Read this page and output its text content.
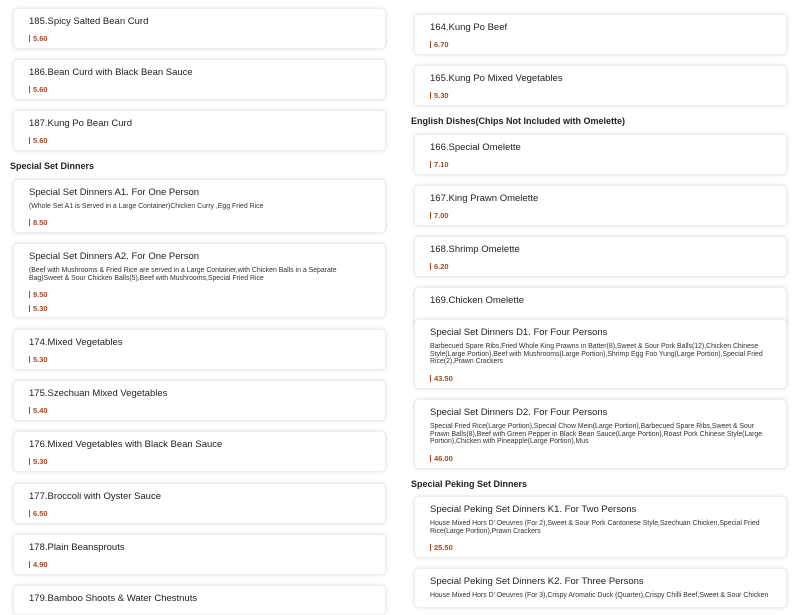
185.Spicy Salted Bean Curd
5.60
186.Bean Curd with Black Bean Sauce
5.60
187.Kung Po Bean Curd
5.60
Special Set Dinners
Special Set Dinners A1. For One Person
(Whole Set A1 is Served in a Large Container)Chicken Curry ,Egg Fried Rice
8.50
Special Set Dinners A2. For One Person
(Beef with Mushrooms & Fried Rice are served in a Large Container,with Chicken Balls in a Separate Bag)Sweet & Sour Chicken Balls(5),Beef with Mushrooms,Special Fried Rice
9.50
5.30
174.Mixed Vegetables
5.30
175.Szechuan Mixed Vegetables
5.40
176.Mixed Vegetables with Black Bean Sauce
5.30
177.Broccoli with Oyster Sauce
6.50
178.Plain Beansprouts
4.90
179.Bamboo Shoots & Water Chestnuts
164.Kung Po Beef
6.70
165.Kung Po Mixed Vegetables
5.30
English Dishes(Chips Not Included with Omelette)
166.Special Omelette
7.10
167.King Prawn Omelette
7.00
168.Shrimp Omelette
6.20
169.Chicken Omelette
Special Set Dinners D1. For Four Persons
Barbecued Spare Ribs,Fried Whole King Prawns in Batter(8),Sweet & Sour Pork Balls(12),Chicken Chinese Style(Large Portion),Beef with Mushrooms(Large Portion),Shrimp Egg Foo Yung(Large Portion),Special Fried Rice(2),Prawn Crackers
43.50
Special Set Dinners D2. For Four Persons
Special Fried Rice(Large Portion),Special Chow Mein(Large Portion),Barbecued Spare Ribs,Sweet & Sour Prawn Balls(8),Beef with Green Pepper in Black Bean Sauce(Large Portion),Roast Pork Chinese Style(Large Portion),Chicken with Pineapple(Large Portion),Mus
46.00
Special Peking Set Dinners
Special Peking Set Dinners K1. For Two Persons
House Mixed Hors D' Oeuvres (For 2),Sweet & Sour Pork Cantonese Style,Szechuan Chicken,Special Fried Rice(Large Portion),Prawn Crackers
25.50
Special Peking Set Dinners K2. For Three Persons
House Mixed Hors D' Oeuvres (For 3),Crispy Aromatic Duck (Quarter),Crispy Chilli Beef,Sweet & Sour Chicken
